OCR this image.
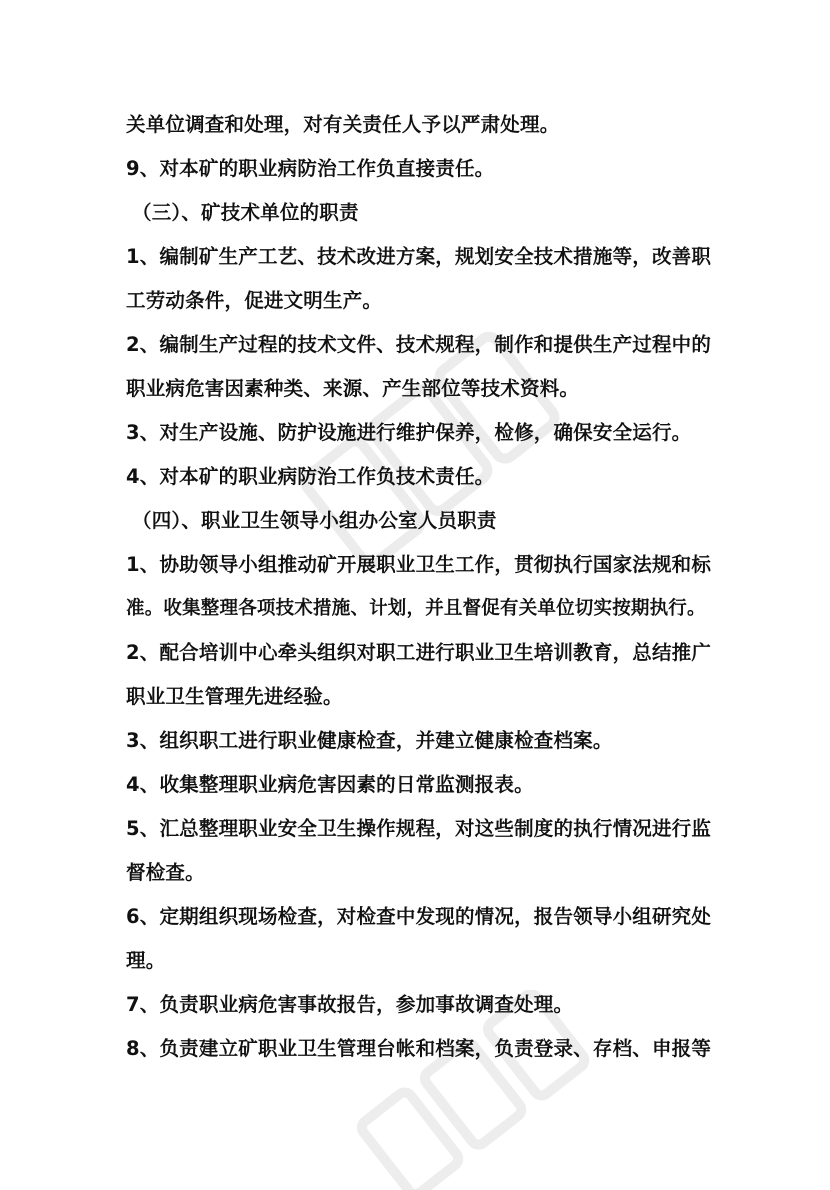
关单位调查和处理，对有关责任人予以严肃处理。
9、对本矿的职业病防治工作负直接责任。
（三）、矿技术单位的职责
1、编制矿生产工艺、技术改进方案，规划安全技术措施等，改善职
工劳动条件，促进文明生产。
2、编制生产过程的技术文件、技术规程，制作和提供生产过程中的
职业病危害因素种类、来源、产生部位等技术资料。
3、对生产设施、防护设施进行维护保养，检修，确保安全运行。
4、对本矿的职业病防治工作负技术责任。
（四）、职业卫生领导小组办公室人员职责
1、协助领导小组推动矿开展职业卫生工作，贯彻执行国家法规和标
准。收集整理各项技术措施、计划，并且督促有关单位切实按期执行。
2、配合培训中心牵头组织对职工进行职业卫生培训教育，总结推广
职业卫生管理先进经验。
3、组织职工进行职业健康检查，并建立健康检查档案。
4、收集整理职业病危害因素的日常监测报表。
5、汇总整理职业安全卫生操作规程，对这些制度的执行情况进行监
督检查。
6、定期组织现场检查，对检查中发现的情况，报告领导小组研究处
理。
7、负责职业病危害事故报告，参加事故调查处理。
8、负责建立矿职业卫生管理台帐和档案，负责登录、存档、申报等
